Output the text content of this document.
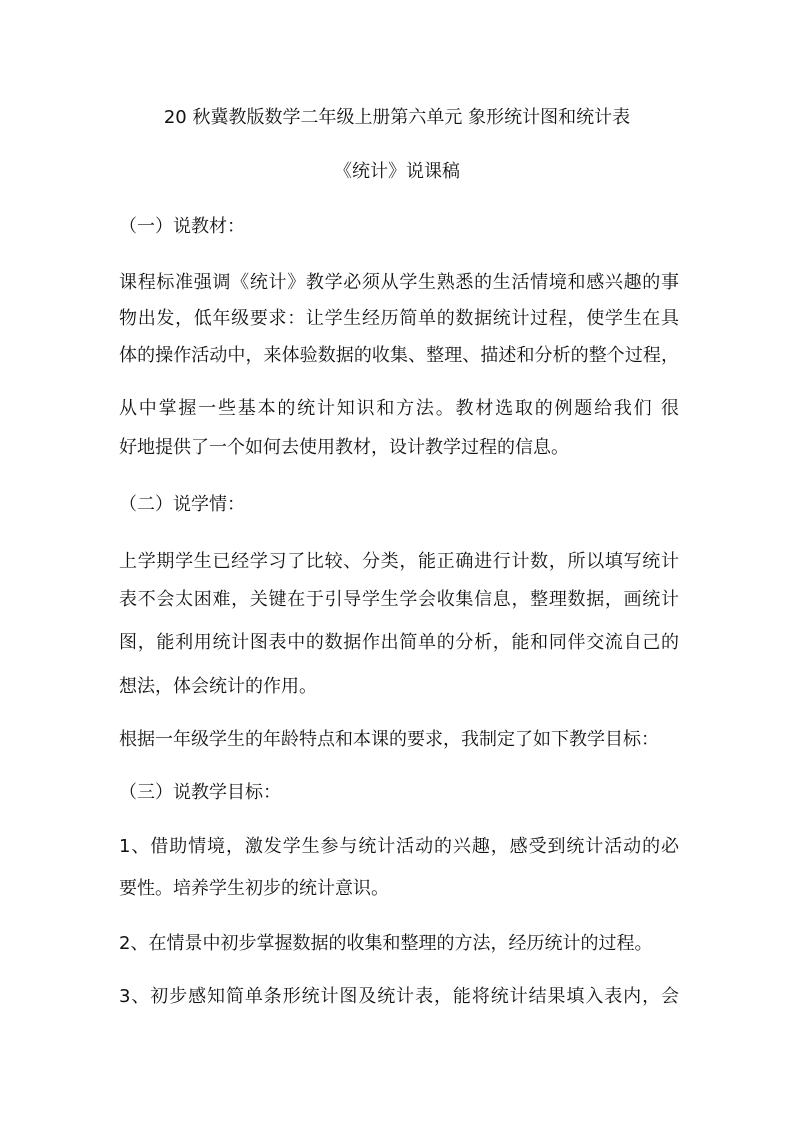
20 秋冀教版数学二年级上册第六单元 象形统计图和统计表
《统计》说课稿
（一）说教材：
课程标准强调《统计》教学必须从学生熟悉的生活情境和感兴趣的事
物出发，低年级要求：让学生经历简单的数据统计过程，使学生在具
体的操作活动中，来体验数据的收集、整理、描述和分析的整个过程，
从中掌握一些基本的统计知识和方法。教材选取的例题给我们 很
好地提供了一个如何去使用教材，设计教学过程的信息。
（二）说学情：
上学期学生已经学习了比较、分类，能正确进行计数，所以填写统计
表不会太困难，关键在于引导学生学会收集信息，整理数据，画统计
图，能利用统计图表中的数据作出简单的分析，能和同伴交流自己的
想法，体会统计的作用。
根据一年级学生的年龄特点和本课的要求，我制定了如下教学目标：
（三）说教学目标：
1、借助情境，激发学生参与统计活动的兴趣，感受到统计活动的必
要性。培养学生初步的统计意识。
2、在情景中初步掌握数据的收集和整理的方法，经历统计的过程。
3、初步感知简单条形统计图及统计表，能将统计结果填入表内，会
